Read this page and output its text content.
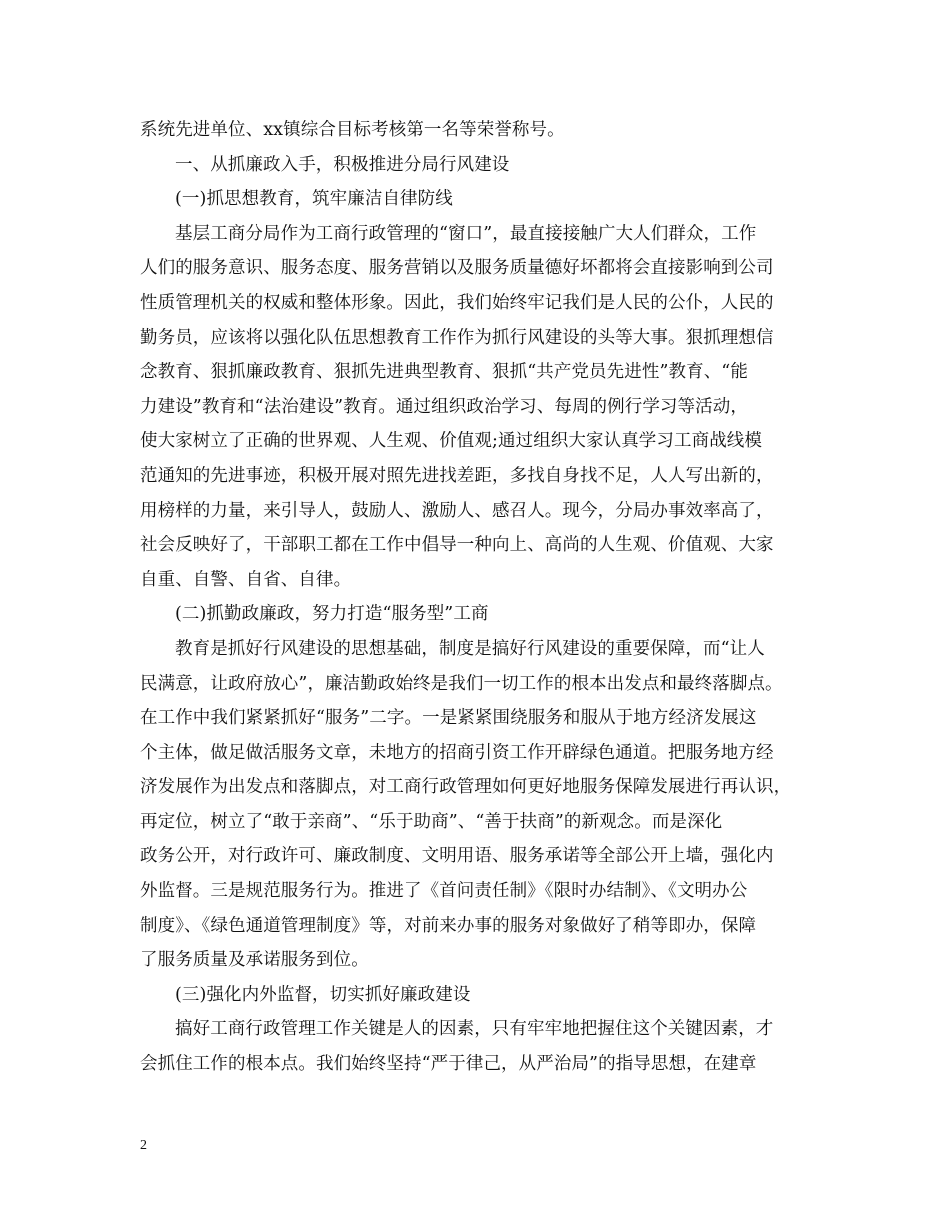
系统先进单位、xx镇综合目标考核第一名等荣誉称号。
一、从抓廉政入手，积极推进分局行风建设
(一)抓思想教育，筑牢廉洁自律防线
基层工商分局作为工商行政管理的“窗口”，最直接接触广大人们群众，工作
人们的服务意识、服务态度、服务营销以及服务质量德好坏都将会直接影响到公司
性质管理机关的权威和整体形象。因此，我们始终牢记我们是人民的公仆，人民的
勤务员，应该将以强化队伍思想教育工作作为抓行风建设的头等大事。狠抓理想信
念教育、狠抓廉政教育、狠抓先进典型教育、狠抓“共产党员先进性”教育、“能
力建设”教育和“法治建设”教育。通过组织政治学习、每周的例行学习等活动，
使大家树立了正确的世界观、人生观、价值观;通过组织大家认真学习工商战线模
范通知的先进事迹，积极开展对照先进找差距，多找自身找不足，人人写出新的，
用榜样的力量，来引导人，鼓励人、激励人、感召人。现今，分局办事效率高了，
社会反映好了，干部职工都在工作中倡导一种向上、高尚的人生观、价值观、大家
自重、自警、自省、自律。
(二)抓勤政廉政，努力打造“服务型”工商
教育是抓好行风建设的思想基础，制度是搞好行风建设的重要保障，而“让人
民满意，让政府放心”，廉洁勤政始终是我们一切工作的根本出发点和最终落脚点。
在工作中我们紧紧抓好“服务”二字。一是紧紧围绕服务和服从于地方经济发展这
个主体，做足做活服务文章，未地方的招商引资工作开辟绿色通道。把服务地方经
济发展作为出发点和落脚点，对工商行政管理如何更好地服务保障发展进行再认识，
再定位，树立了“敢于亲商”、“乐于助商”、“善于扶商”的新观念。而是深化
政务公开，对行政许可、廉政制度、文明用语、服务承诺等全部公开上墙，强化内
外监督。三是规范服务行为。推进了《首问责任制》《限时办结制》、《文明办公
制度》、《绿色通道管理制度》等，对前来办事的服务对象做好了稍等即办，保障
了服务质量及承诺服务到位。
(三)强化内外监督，切实抓好廉政建设
搞好工商行政管理工作关键是人的因素，只有牢牢地把握住这个关键因素，才
会抓住工作的根本点。我们始终坚持“严于律己，从严治局”的指导思想，在建章
2
